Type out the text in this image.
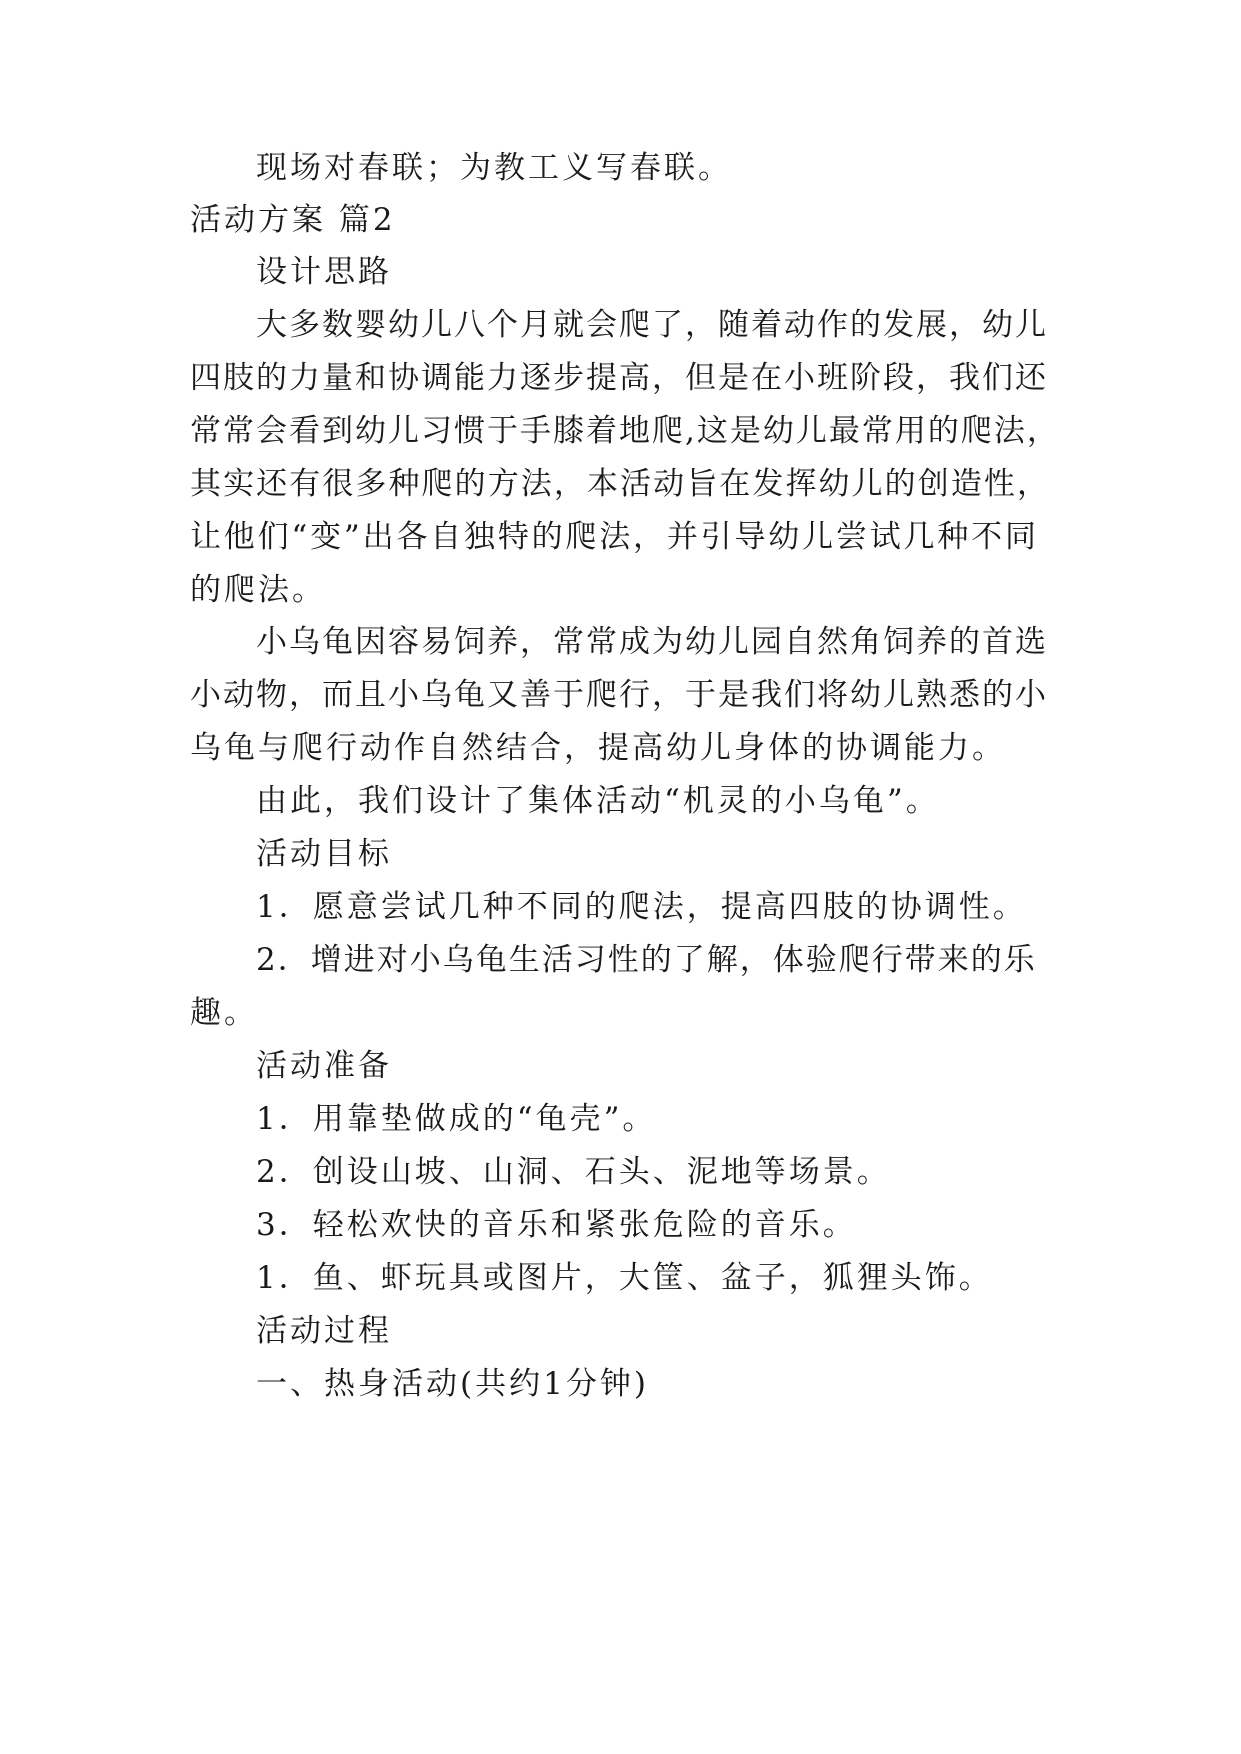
现场对春联；为教工义写春联。
活动方案 篇2
设计思路
大多数婴幼儿八个月就会爬了，随着动作的发展，幼儿
四肢的力量和协调能力逐步提高，但是在小班阶段，我们还
常常会看到幼儿习惯于手膝着地爬,这是幼儿最常用的爬法，
其实还有很多种爬的方法，本活动旨在发挥幼儿的创造性，
让他们“变”出各自独特的爬法，并引导幼儿尝试几种不同
的爬法。
小乌龟因容易饲养，常常成为幼儿园自然角饲养的首选
小动物，而且小乌龟又善于爬行，于是我们将幼儿熟悉的小
乌龟与爬行动作自然结合，提高幼儿身体的协调能力。
由此，我们设计了集体活动“机灵的小乌龟”。
活动目标
1．愿意尝试几种不同的爬法，提高四肢的协调性。
2．增进对小乌龟生活习性的了解，体验爬行带来的乐
趣。
活动准备
1．用靠垫做成的“龟壳”。
2．创设山坡、山洞、石头、泥地等场景。
3．轻松欢快的音乐和紧张危险的音乐。
1．鱼、虾玩具或图片，大筐、盆子，狐狸头饰。
活动过程
一、热身活动(共约1分钟)
